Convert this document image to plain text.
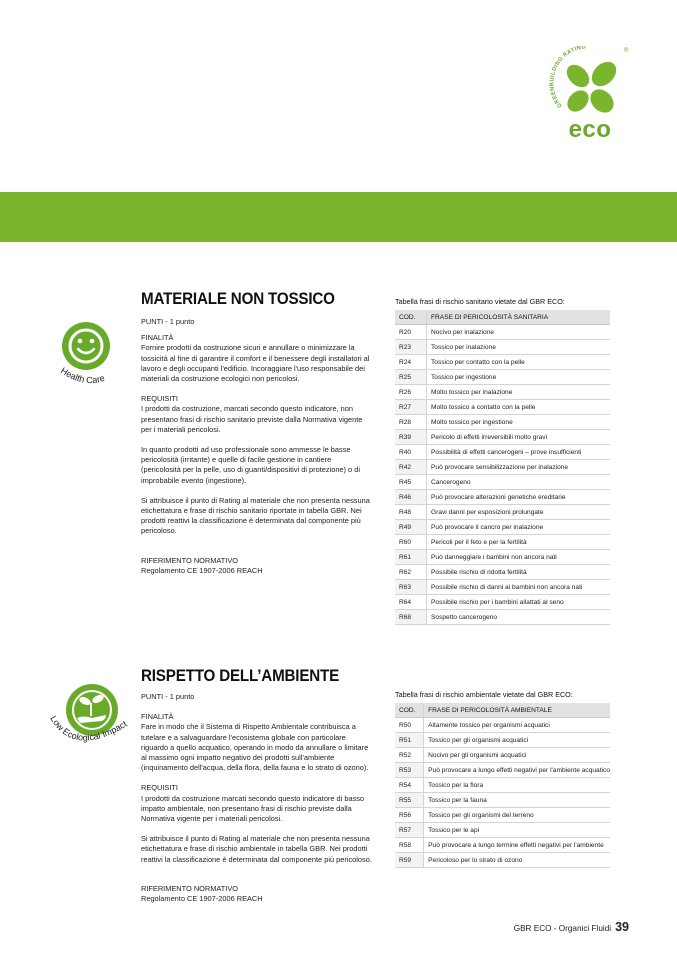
GREENBUILDING RATING
®
eco
Health Care
MATERIALE NON TOSSICO

PUNTI - 1 punto

FINALITÀ
Fornire prodotti da costruzione sicuri e annullare o minimizzare la tossicità al fine di garantire il comfort e il benessere degli installatori al lavoro e degli occupanti l'edificio. Incoraggiare l'uso responsabile dei materiali da costruzione ecologici non pericolosi.

REQUISITI
I prodotti da costruzione, marcati secondo questo indicatore, non presentano frasi di rischio sanitario previste dalla Normativa vigente per i materiali pericolosi.

In quanto prodotti ad uso professionale sono ammesse le basse pericolosità (irritante) e quelle di facile gestione in cantiere (pericolosità per la pelle, uso di guanti/dispositivi di protezione) o di improbabile evento (ingestione).

Si attribuisce il punto di Rating al materiale che non presenta nessuna etichettatura e frase di rischio sanitario riportate in tabella GBR. Nei prodotti reattivi la classificazione è determinata dal componente più pericoloso.

RIFERIMENTO NORMATIVO
Regolamento CE 1907-2006 REACH

Tabella frasi di rischio sanitario vietate dal GBR ECO:
COD.	FRASE DI PERICOLOSITÀ SANITARIA
R20	Nocivo per inalazione
R23	Tossico per inalazione
R24	Tossico per contatto con la pelle
R25	Tossico per ingestione
R26	Molto tossico per inalazione
R27	Molto tossico a contatto con la pelle
R28	Molto tossico per ingestione
R39	Pericolo di effetti irreversibili molto gravi
R40	Possibilità di effetti cancerogeni – prove insufficienti
R42	Può provocare sensibilizzazione per inalazione
R45	Cancerogeno
R46	Può provocare alterazioni genetiche ereditarie
R48	Gravi danni per esposizioni prolungate
R49	Può provocare il cancro per inalazione
R60	Pericoli per il feto e per la fertilità
R61	Può danneggiare i bambini non ancora nati
R62	Possibile rischio di ridotta fertilità
R63	Possibile rischio di danni ai bambini non ancora nati
R64	Possibile rischio per i bambini allattati al seno
R68	Sospetto cancerogeno
Low Ecological Impact
RISPETTO DELL’AMBIENTE

PUNTI - 1 punto

FINALITÀ
Fare in modo che il Sistema di Rispetto Ambientale contribuisca a tutelare e a salvaguardare l'ecosistema globale con particolare riguardo a quello acquatico, operando in modo da annullare o limitare al massimo ogni impatto negativo dei prodotti sull'ambiente (inquinamento dell'acqua, della flora, della fauna e lo strato di ozono).

REQUISITI
I prodotti da costruzione marcati secondo questo indicatore di basso impatto ambientale, non presentano frasi di rischio previste dalla Normativa vigente per i materiali pericolosi.

Si attribuisce il punto di Rating al materiale che non presenta nessuna etichettatura e frase di rischio ambientale in tabella GBR. Nei prodotti reattivi la classificazione è determinata dal componente più pericoloso.

RIFERIMENTO NORMATIVO
Regolamento CE 1907-2006 REACH

Tabella frasi di rischio ambientale vietate dal GBR ECO:
COD.	FRASE DI PERICOLOSITÀ AMBIENTALE
R50	Altamente tossico per organismi acquatici
R51	Tossico per gli organismi acquatici
R52	Nocivo per gli organismi acquatici
R53	Può provocare a lungo effetti negativi per l'ambiente acquatico
R54	Tossico per la flora
R55	Tossico per la fauna
R56	Tossico per gli organismi del terreno
R57	Tossico per le api
R58	Può provocare a lungo termine effetti negativi per l'ambiente
R59	Pericoloso per lo strato di ozono
GBR ECO - Organici Fluidi 39
